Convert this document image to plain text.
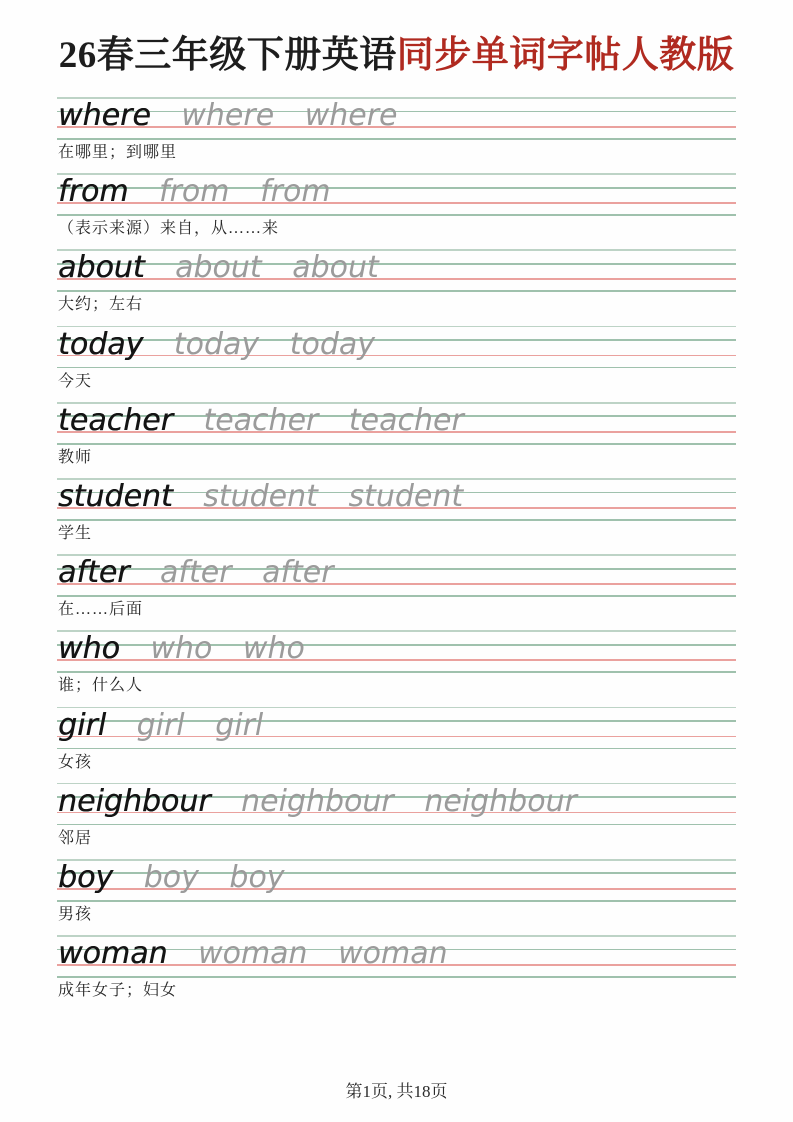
26春三年级下册英语同步单词字帖人教版
where where where
在哪里；到哪里
from from from
（表示来源）来自，从……来
about about about
大约；左右
today today today
今天
teacher teacher teacher
教师
student student student
学生
after after after
在……后面
who who who
谁；什么人
girl girl girl
女孩
neighbour neighbour neighbour
邻居
boy boy boy
男孩
woman woman woman
成年女子；妇女
第1页, 共18页
